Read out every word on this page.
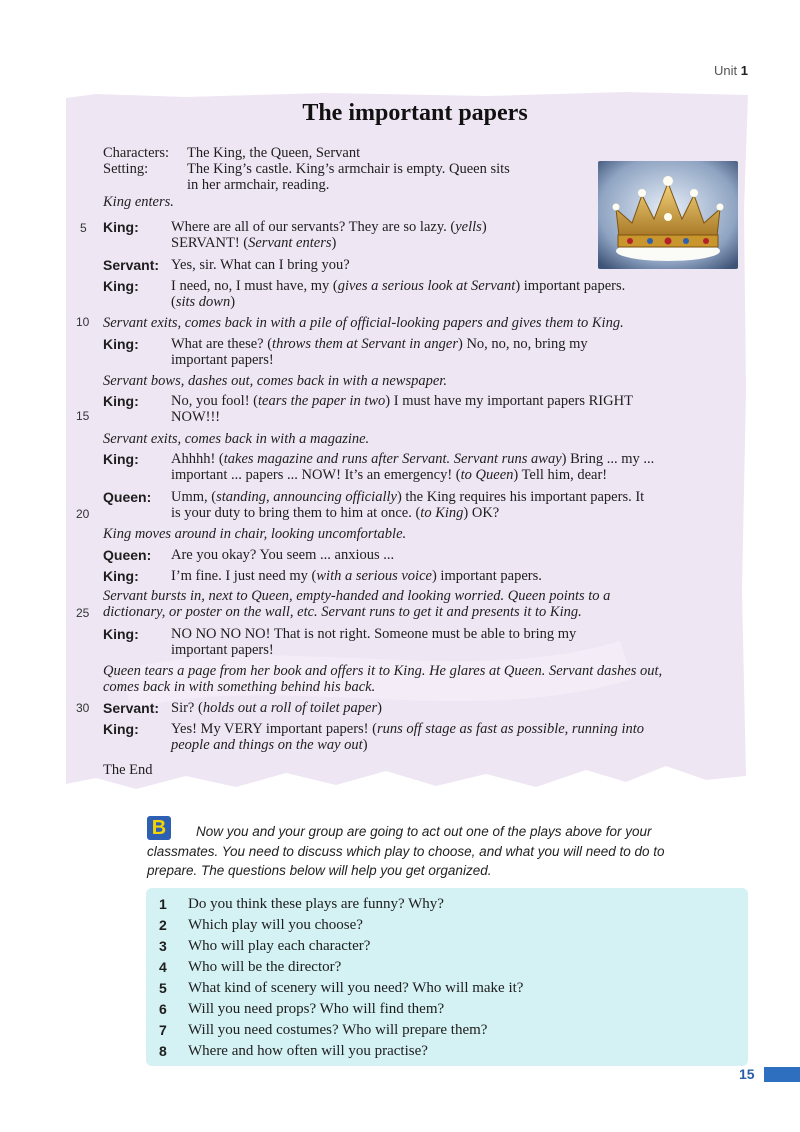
Unit 1
The important papers
Characters: The King, the Queen, Servant
Setting:	The King’s castle. King’s armchair is empty. Queen sits
in her armchair, reading.
King enters.
5
10
15
20
25
30
King: Where are all of our servants? They are so lazy. (yells)
SERVANT! (Servant enters)
Servant: Yes, sir. What can I bring you?
King: I need, no, I must have, my (gives a serious look at Servant) important papers.
(sits down)
Servant exits, comes back in with a pile of official-looking papers and gives them to King.
King: What are these? (throws them at Servant in anger) No, no, no, bring my
important papers!
Servant bows, dashes out, comes back in with a newspaper.
King: No, you fool! (tears the paper in two) I must have my important papers RIGHT
NOW!!!
Servant exits, comes back in with a magazine.
King: Ahhhh! (takes magazine and runs after Servant. Servant runs away) Bring ... my ...
important ... papers ... NOW! It’s an emergency! (to Queen) Tell him, dear!
Queen: Umm, (standing, announcing officially) the King requires his important papers. It
is your duty to bring them to him at once. (to King) OK?
King moves around in chair, looking uncomfortable.
Queen: Are you okay? You seem ... anxious ...
King: I’m fine. I just need my (with a serious voice) important papers.
Servant bursts in, next to Queen, empty-handed and looking worried. Queen points to a
dictionary, or poster on the wall, etc. Servant runs to get it and presents it to King.
King: NO NO NO NO! That is not right. Someone must be able to bring my
important papers!
Queen tears a page from her book and offers it to King. He glares at Queen. Servant dashes out,
comes back in with something behind his back.
Servant: Sir? (holds out a roll of toilet paper)
King: Yes! My VERY important papers! (runs off stage as fast as possible, running into
people and things on the way out)
The End
B	Now you and your group are going to act out one of the plays above for your
classmates. You need to discuss which play to choose, and what you will need to do to
prepare. The questions below will help you get organized.
1 Do you think these plays are funny? Why?
2 Which play will you choose?
3 Who will play each character?
4 Who will be the director?
5 What kind of scenery will you need? Who will make it?
6 Will you need props? Who will find them?
7 Will you need costumes? Who will prepare them?
8 Where and how often will you practise?
15
